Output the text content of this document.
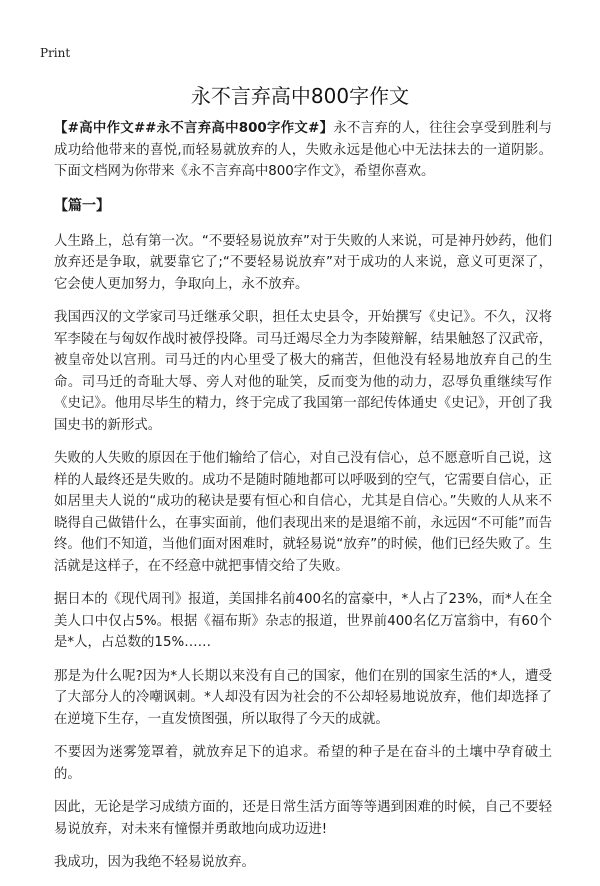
Print
永不言弃高中800字作文

【#高中作文##永不言弃高中800字作文#】永不言弃的人，往往会享受到胜利与成功给他带来的喜悦,而轻易就放弃的人，失败永远是他心中无法抹去的一道阴影。下面文档网为你带来《永不言弃高中800字作文》，希望你喜欢。

【篇一】

人生路上，总有第一次。“不要轻易说放弃”对于失败的人来说，可是神丹妙药，他们放弃还是争取，就要靠它了;“不要轻易说放弃”对于成功的人来说，意义可更深了，它会使人更加努力，争取向上，永不放弃。

我国西汉的文学家司马迁继承父职，担任太史县令，开始撰写《史记》。不久，汉将军李陵在与匈奴作战时被俘投降。司马迁竭尽全力为李陵辩解，结果触怒了汉武帝，被皇帝处以宫刑。司马迁的内心里受了极大的痛苦，但他没有轻易地放弃自己的生命。司马迁的奇耻大辱、旁人对他的耻笑，反而变为他的动力，忍辱负重继续写作《史记》。他用尽毕生的精力，终于完成了我国第一部纪传体通史《史记》，开创了我国史书的新形式。

失败的人失败的原因在于他们输给了信心，对自己没有信心，总不愿意听自己说，这样的人最终还是失败的。成功不是随时随地都可以呼吸到的空气，它需要自信心，正如居里夫人说的“成功的秘诀是要有恒心和自信心，尤其是自信心。”失败的人从来不晓得自己做错什么，在事实面前，他们表现出来的是退缩不前，永远因“不可能”而告终。他们不知道，当他们面对困难时，就轻易说“放弃”的时候，他们已经失败了。生活就是这样子，在不经意中就把事情交给了失败。

据日本的《现代周刊》报道，美国排名前400名的富豪中，*人占了23%，而*人在全美人口中仅占5%。根据《福布斯》杂志的报道，世界前400名亿万富翁中，有60个是*人，占总数的15%……

那是为什么呢?因为*人长期以来没有自己的国家，他们在别的国家生活的*人，遭受了大部分人的冷嘲讽刺。*人却没有因为社会的不公却轻易地说放弃，他们却选择了在逆境下生存，一直发愤图强，所以取得了今天的成就。

不要因为迷雾笼罩着，就放弃足下的追求。希望的种子是在奋斗的土壤中孕育破土的。

因此，无论是学习成绩方面的，还是日常生活方面等等遇到困难的时候，自己不要轻易说放弃，对未来有憧憬并勇敢地向成功迈进!

我成功，因为我绝不轻易说放弃。
